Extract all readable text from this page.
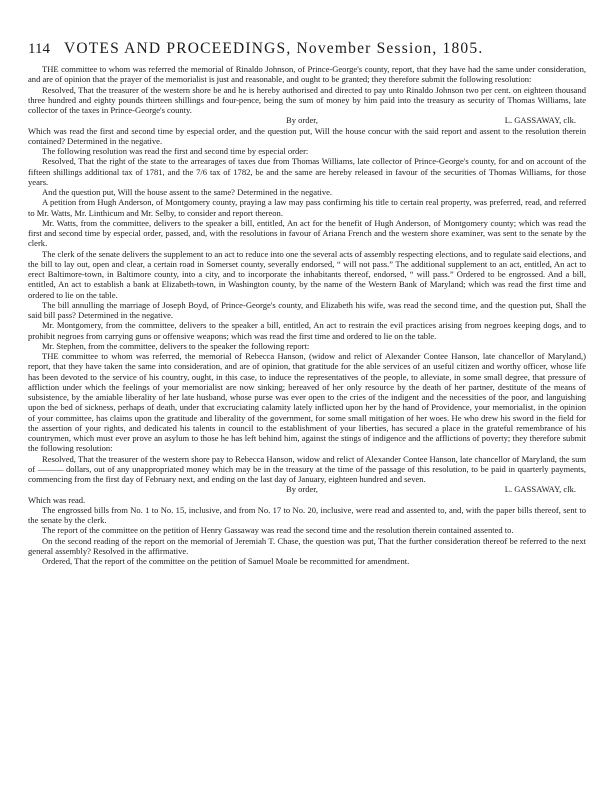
114 VOTES AND PROCEEDINGS, November Session, 1805.

THE committee to whom was referred the memorial of Rinaldo Johnson, of Prince-George's county, report, that they have had the same under consideration, and are of opinion that the prayer of the memorialist is just and reasonable, and ought to be granted; they therefore submit the following resolution:

Resolved, That the treasurer of the western shore be and he is hereby authorised and directed to pay unto Rinaldo Johnson two per cent. on eighteen thousand three hundred and eighty pounds thirteen shillings and four-pence, being the sum of money by him paid into the treasury as security of Thomas Williams, late collector of the taxes in Prince-George's county.

By order,	L. GASSAWAY, clk.

Which was read the first and second time by especial order, and the question put, Will the house concur with the said report and assent to the resolution therein contained? Determined in the negative.

The following resolution was read the first and second time by especial order:

Resolved, That the right of the state to the arrearages of taxes due from Thomas Williams, late collector of Prince-George's county, for and on account of the fifteen shillings additional tax of 1781, and the 7/6 tax of 1782, be and the same are hereby released in favour of the securities of Thomas Williams, for those years.

And the question put, Will the house assent to the same? Determined in the negative.

A petition from Hugh Anderson, of Montgomery county, praying a law may pass confirming his title to certain real property, was preferred, read, and referred to Mr. Watts, Mr. Linthicum and Mr. Selby, to consider and report thereon.

Mr. Watts, from the committee, delivers to the speaker a bill, entitled, An act for the benefit of Hugh Anderson, of Montgomery county; which was read the first and second time by especial order, passed, and, with the resolutions in favour of Ariana French and the western shore examiner, was sent to the senate by the clerk.

The clerk of the senate delivers the supplement to an act to reduce into one the several acts of assembly respecting elections, and to regulate said elections, and the bill to lay out, open and clear, a certain road in Somerset county, severally endorsed, “ will not pass.” The additional supplement to an act, entitled, An act to erect Baltimore-town, in Baltimore county, into a city, and to incorporate the inhabitants thereof, endorsed, “ will pass.” Ordered to be engrossed. And a bill, entitled, An act to establish a bank at Elizabeth-town, in Washington county, by the name of the Western Bank of Maryland; which was read the first time and ordered to lie on the table.

The bill annulling the marriage of Joseph Boyd, of Prince-George's county, and Elizabeth his wife, was read the second time, and the question put, Shall the said bill pass? Determined in the negative.

Mr. Montgomery, from the committee, delivers to the speaker a bill, entitled, An act to restrain the evil practices arising from negroes keeping dogs, and to prohibit negroes from carrying guns or offensive weapons; which was read the first time and ordered to lie on the table.

Mr. Stephen, from the committee, delivers to the speaker the following report:

THE committee to whom was referred, the memorial of Rebecca Hanson, (widow and relict of Alexander Contee Hanson, late chancellor of Maryland,) report, that they have taken the same into consideration, and are of opinion, that gratitude for the able services of an useful citizen and worthy officer, whose life has been devoted to the service of his country, ought, in this case, to induce the representatives of the people, to alleviate, in some small degree, that pressure of affliction under which the feelings of your memorialist are now sinking; bereaved of her only resource by the death of her partner, destitute of the means of subsistence, by the amiable liberality of her late husband, whose purse was ever open to the cries of the indigent and the necessities of the poor, and languishing upon the bed of sickness, perhaps of death, under that excruciating calamity lately inflicted upon her by the hand of Providence, your memorialist, in the opinion of your committee, has claims upon the gratitude and liberality of the government, for some small mitigation of her woes. He who drew his sword in the field for the assertion of your rights, and dedicated his talents in council to the establishment of your liberties, has secured a place in the grateful remembrance of his countrymen, which must ever prove an asylum to those he has left behind him, against the stings of indigence and the afflictions of poverty; they therefore submit the following resolution:

Resolved, That the treasurer of the western shore pay to Rebecca Hanson, widow and relict of Alexander Contee Hanson, late chancellor of Maryland, the sum of ——— dollars, out of any unappropriated money which may be in the treasury at the time of the passage of this resolution, to be paid in quarterly payments, commencing from the first day of February next, and ending on the last day of January, eighteen hundred and seven.

By order,	L. GASSAWAY, clk.

Which was read.

The engrossed bills from No. 1 to No. 15, inclusive, and from No. 17 to No. 20, inclusive, were read and assented to, and, with the paper bills thereof, sent to the senate by the clerk.

The report of the committee on the petition of Henry Gassaway was read the second time and the resolution therein contained assented to.

On the second reading of the report on the memorial of Jeremiah T. Chase, the question was put, That the further consideration thereof be referred to the next general assembly? Resolved in the affirmative.

Ordered, That the report of the committee on the petition of Samuel Moale be recommitted for amendment.
